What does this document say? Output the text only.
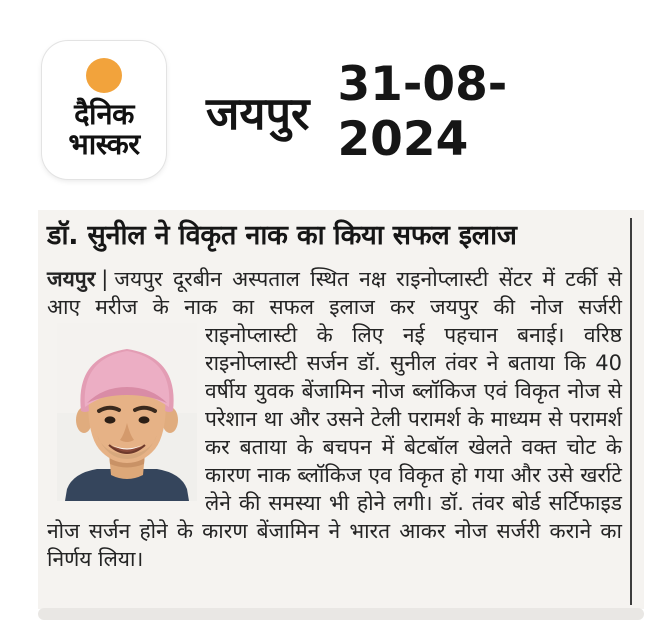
दैनिक
भास्कर
जयपुर
31-08-2024
डॉ. सुनील ने विकृत नाक का किया सफल इलाज

जयपुर | जयपुर दूरबीन अस्पताल स्थित नक्ष राइनोप्लास्टी सेंटर में टर्की से आए मरीज के नाक का सफल इलाज कर जयपुर की नोज सर्जरी

राइनोप्लास्टी के लिए नई पहचान बनाई। वरिष्ठ राइनोप्लास्टी सर्जन डॉ. सुनील तंवर ने बताया कि 40 वर्षीय युवक बेंजामिन नोज ब्लॉकिज एवं विकृत नोज से परेशान था और उसने टेली परामर्श के माध्यम से परामर्श कर बताया के बचपन में बेटबॉल खेलते वक्त चोट के कारण नाक ब्लॉकिज एव विकृत हो गया और उसे खर्राटे लेने की समस्या भी होने लगी। डॉ. तंवर बोर्ड सर्टिफाइड नोज सर्जन होने के कारण बेंजामिन ने भारत आकर नोज सर्जरी कराने का निर्णय लिया।
